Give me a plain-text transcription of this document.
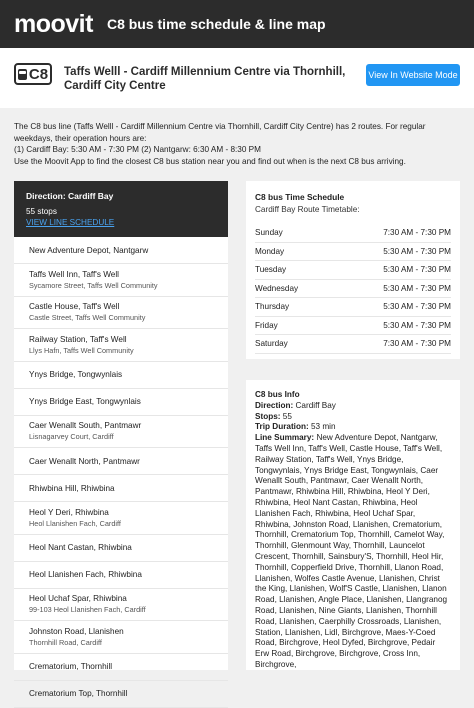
moovit C8 bus time schedule & line map
C8 Taffs Welll - Cardiff Millennium Centre via Thornhill, Cardiff City Centre
View In Website Mode
The C8 bus line (Taffs Welll - Cardiff Millennium Centre via Thornhill, Cardiff City Centre) has 2 routes. For regular weekdays, their operation hours are:
(1) Cardiff Bay: 5:30 AM - 7:30 PM (2) Nantgarw: 6:30 AM - 8:30 PM
Use the Moovit App to find the closest C8 bus station near you and find out when is the next C8 bus arriving.
Direction: Cardiff Bay
55 stops
VIEW LINE SCHEDULE
New Adventure Depot, Nantgarw
Taffs Well Inn, Taff's Well
Sycamore Street, Taffs Well Community
Castle House, Taff's Well
Castle Street, Taffs Well Community
Railway Station, Taff's Well
Llys Hafn, Taffs Well Community
Ynys Bridge, Tongwynlais
Ynys Bridge East, Tongwynlais
Caer Wenallt South, Pantmawr
Lisnagarvey Court, Cardiff
Caer Wenallt North, Pantmawr
Rhiwbina Hill, Rhiwbina
Heol Y Deri, Rhiwbina
Heol Llanishen Fach, Cardiff
Heol Nant Castan, Rhiwbina
Heol Llanishen Fach, Rhiwbina
Heol Uchaf Spar, Rhiwbina
99-103 Heol Llanishen Fach, Cardiff
Johnston Road, Llanishen
Thornhill Road, Cardiff
Crematorium, Thornhill
Crematorium Top, Thornhill
C8 bus Time Schedule
Cardiff Bay Route Timetable:
Sunday	7:30 AM - 7:30 PM
Monday	5:30 AM - 7:30 PM
Tuesday	5:30 AM - 7:30 PM
Wednesday	5:30 AM - 7:30 PM
Thursday	5:30 AM - 7:30 PM
Friday	5:30 AM - 7:30 PM
Saturday	7:30 AM - 7:30 PM
C8 bus Info
Direction: Cardiff Bay
Stops: 55
Trip Duration: 53 min
Line Summary: New Adventure Depot, Nantgarw, Taffs Well Inn, Taff's Well, Castle House, Taff's Well, Railway Station, Taff's Well, Ynys Bridge, Tongwynlais, Ynys Bridge East, Tongwynlais, Caer Wenallt South, Pantmawr, Caer Wenallt North, Pantmawr, Rhiwbina Hill, Rhiwbina, Heol Y Deri, Rhiwbina, Heol Nant Castan, Rhiwbina, Heol Llanishen Fach, Rhiwbina, Heol Uchaf Spar, Rhiwbina, Johnston Road, Llanishen, Crematorium, Thornhill, Crematorium Top, Thornhill, Camelot Way, Thornhill, Glenmount Way, Thornhill, Launcelot Crescent, Thornhill, Sainsbury'S, Thornhill, Heol Hir, Thornhill, Copperfield Drive, Thornhill, Llanon Road, Llanishen, Wolfes Castle Avenue, Llanishen, Christ the King, Llanishen, Wolf'S Castle, Llanishen, Llanon Road, Llanishen, Angle Place, Llanishen, Llangranog Road, Llanishen, Nine Giants, Llanishen, Thornhill Road, Llanishen, Caerphilly Crossroads, Llanishen, Station, Llanishen, Lidl, Birchgrove, Maes-Y-Coed Road, Birchgrove, Heol Dyfed, Birchgrove, Pedair Erw Road, Birchgrove, Birchgrove, Cross Inn, Birchgrove,
